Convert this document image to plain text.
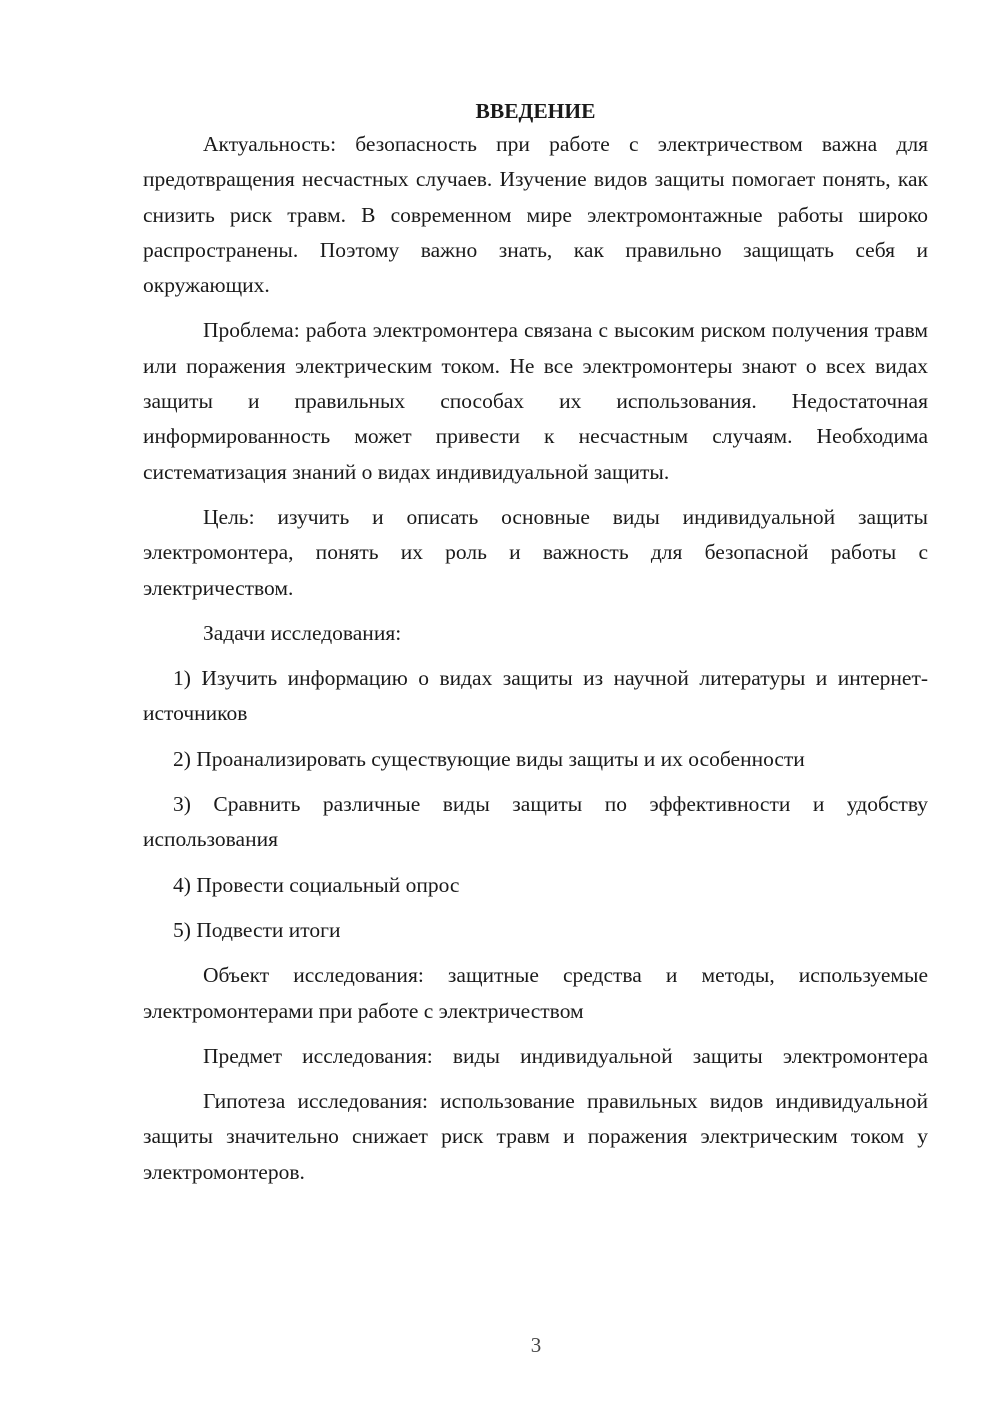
ВВЕДЕНИЕ

Актуальность: безопасность при работе с электричеством важна для предотвращения несчастных случаев. Изучение видов защиты помогает понять, как снизить риск травм. В современном мире электромонтажные работы широко распространены. Поэтому важно знать, как правильно защищать себя и окружающих.

Проблема: работа электромонтера связана с высоким риском получения травм или поражения электрическим током. Не все электромонтеры знают о всех видах защиты и правильных способах их использования. Недостаточная информированность может привести к несчастным случаям. Необходима систематизация знаний о видах индивидуальной защиты.

Цель: изучить и описать основные виды индивидуальной защиты электромонтера, понять их роль и важность для безопасной работы с электричеством.

Задачи исследования:

1) Изучить информацию о видах защиты из научной литературы и интернет-источников

2) Проанализировать существующие виды защиты и их особенности

3) Сравнить различные виды защиты по эффективности и удобству использования

4) Провести социальный опрос

5) Подвести итоги

Объект исследования: защитные средства и методы, используемые электромонтерами при работе с электричеством

Предмет исследования: виды индивидуальной защиты электромонтера

Гипотеза исследования: использование правильных видов индивидуальной защиты значительно снижает риск травм и поражения электрическим током у электромонтеров.

3
